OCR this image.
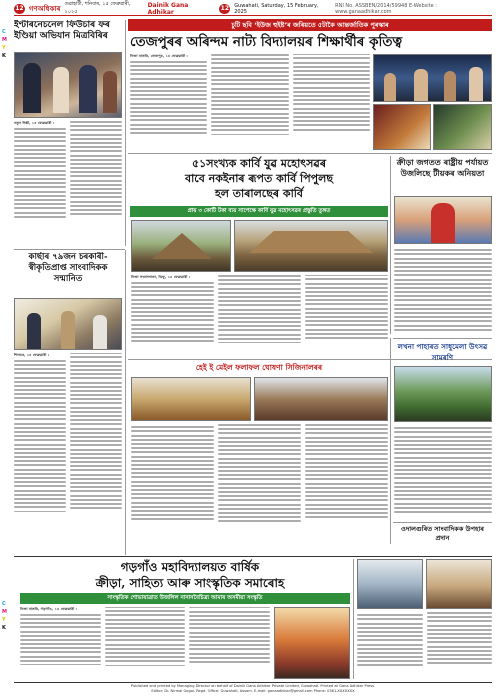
C
M
Y
K
C
M
Y
K
12 গণঅধিকাৰ
গুৱাহাটী, শনিবাৰ, ১৫ ফেব্ৰুৱাৰী, ২০২৫
Dainik Gana Adhikar
12 Guwahati, Saturday, 15 February, 2025
RNI No. ASSBEN/2014/59948 E-Website : www.ganaadhikar.com
ইণ্টাৰনেচনেল ফিউচাৰ ফৰ ইণ্ডিয়া অভিযান মিত্ৰবিৰিৰ
নতুন দিল্লী, ১৪ ফেব্ৰুৱাৰী :
চুটি ছবি ‘ইউজ হুইষ্ট’ৰ জৰিয়তে ৫টাকৈ আন্তৰ্জাতিক পুৰস্কাৰ
তেজপুৰৰ অৰিন্দম নাট্য বিদ্যালয়ৰ শিক্ষাৰ্থীৰ কৃতিত্ব
নিজা বাতৰি, তেজপুৰ, ১৪ ফেব্ৰুৱাৰী :
৫১সংখ্যক কাৰ্বি যুৱ মহোৎসৱৰ
বাবে নকইনাৰ ৰূপত কাৰ্বি পিপুলছ
হল তাৰালছেৰ কাৰ্বি
প্ৰায় ৩ কোটি টকা ব্যয় সাপেক্ষে কাৰ্বি যুৱ মহোৎসৱৰ প্ৰস্তুতি তুঙ্গত
ক্ৰীড়া জগতত ৰাষ্ট্ৰীয় পৰ্যায়ত উজলিছে টীয়কৰ অনিয়তা
নিজা সংবাদদাতা, ডিফু, ১৪ ফেব্ৰুৱাৰী :
কাৰ্ছাৰ ৭৯জন চৰকাৰী-স্বীকৃতিপ্ৰাপ্ত সাংবাদিকক সন্মানিত
শিলচৰ, ১৪ ফেব্ৰুৱাৰী :
হেই ই মেইল ফলাফল ঘোষণা সিজিনালৰৰ
লখনা পাহাৰত সাধুমেলা উৎসৱ সামৰণি
ওদালগুৰিত সাংবাদিকক উপহাৰ প্ৰদান
গড়গাঁও মহাবিদ্যালয়ত বাৰ্ষিক
ক্ৰীড়া, সাহিত্য আৰু সাংস্কৃতিক সমাৰোহ
সাংস্কৃতিক শোভাযাত্ৰাত উজলিল নানানবৈচিত্ৰ্য আমাৰ অসমীয়া সংস্কৃতি
নিজা বাতৰি, গড়গাঁও, ১৪ ফেব্ৰুৱাৰী :
Published and printed by Managing Director on behalf of Dainik Gana Adhikar Private Limited, Guwahati. Printed at Gana Adhikar Press.
Editor: Dr. Nirmal Gogoi. Regd. Office: Guwahati, Assam. E-mail: ganaadhikar@gmail.com Phone: 0361-XXXXXXX
